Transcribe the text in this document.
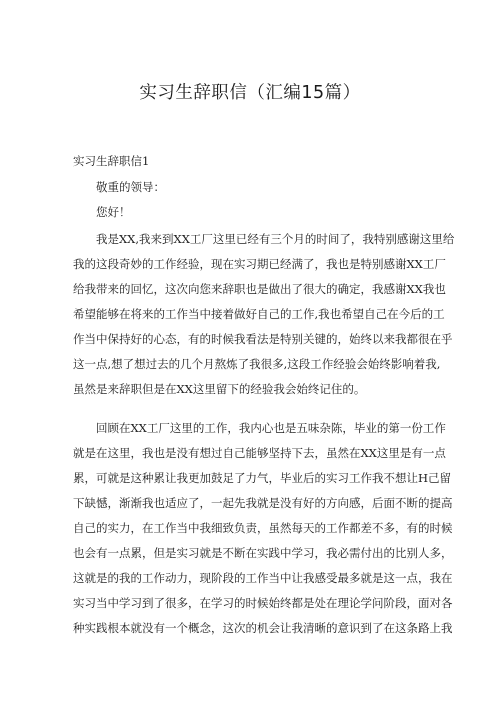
实习生辞职信（汇编15篇）
实习生辞职信1

敬重的领导：

您好！

我是XX,我来到XX工厂这里已经有三个月的时间了，我特别感谢这里给
我的这段奇妙的工作经验，现在实习期已经满了，我也是特别感谢XX工厂
给我带来的回忆，这次向您来辞职也是做出了很大的确定，我感谢XX我也
希望能够在将来的工作当中接着做好自己的工作,我也希望自己在今后的工
作当中保持好的心态，有的时候我看法是特别关键的，始终以来我都很在乎
这一点,想了想过去的几个月熬炼了我很多,这段工作经验会始终影响着我,
虽然是来辞职但是在XX这里留下的经验我会始终记住的。
回顾在XX工厂这里的工作，我内心也是五味杂陈，毕业的第一份工作
就是在这里，我也是没有想过自己能够坚持下去，虽然在XX这里是有一点
累，可就是这种累让我更加鼓足了力气，毕业后的实习工作我不想让H己留
下缺憾，渐渐我也适应了，一起先我就是没有好的方向感，后面不断的提高
自己的实力，在工作当中我细致负责，虽然每天的工作都差不多，有的时候
也会有一点累，但是实习就是不断在实践中学习，我必需付出的比别人多，
这就是的我的工作动力，现阶段的工作当中让我感受最多就是这一点，我在
实习当中学习到了很多，在学习的时候始终都是处在理论学问阶段，面对各
种实践根本就没有一个概念，这次的机会让我清晰的意识到了在这条路上我
